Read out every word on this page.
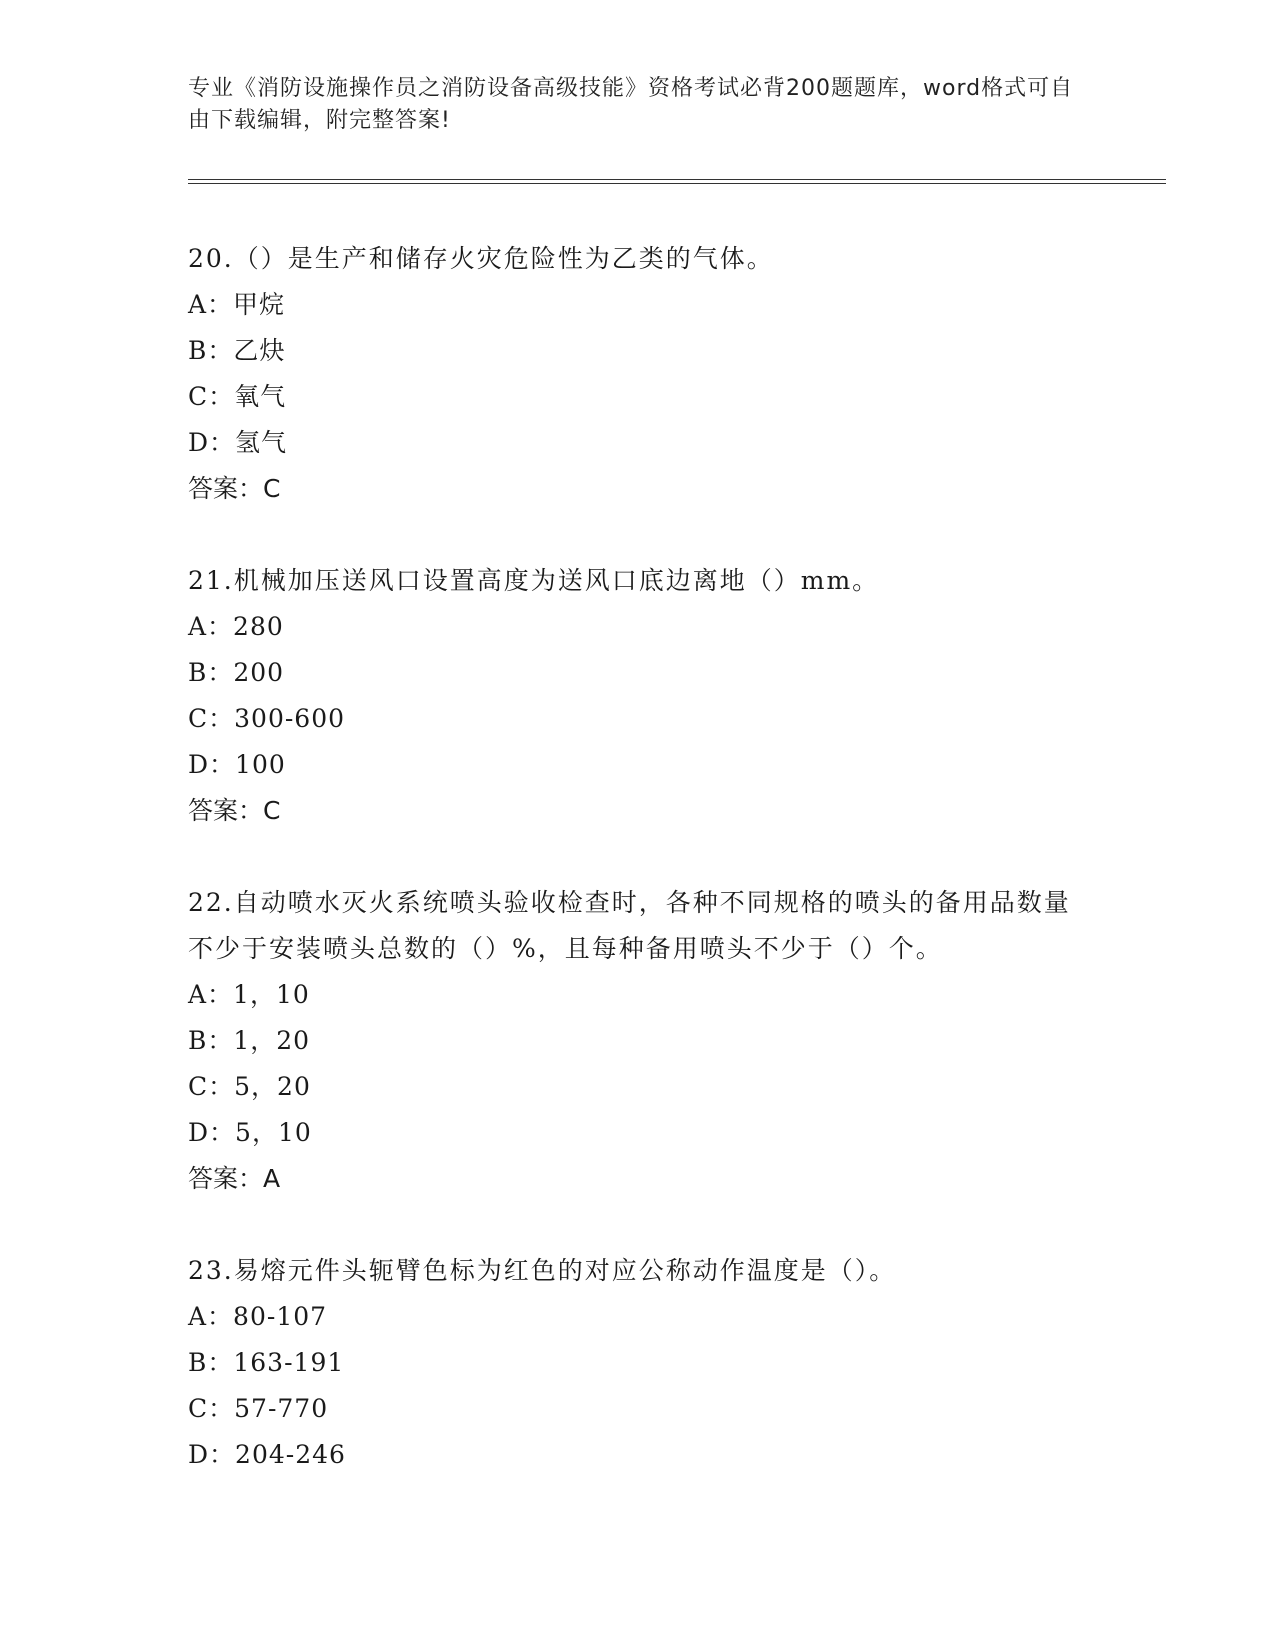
专业《消防设施操作员之消防设备高级技能》资格考试必背200题题库，word格式可自由下载编辑，附完整答案!

20.（）是生产和储存火灾危险性为乙类的气体。

A：甲烷

B：乙炔

C：氧气

D：氢气

答案：C

21.机械加压送风口设置高度为送风口底边离地（）mm。

A：280

B：200

C：300-600

D：100

答案：C

22.自动喷水灭火系统喷头验收检查时，各种不同规格的喷头的备用品数量不少于安装喷头总数的（）%，且每种备用喷头不少于（）个。

A：1，10

B：1，20

C：5，20

D：5，10

答案：A

23.易熔元件头轭臂色标为红色的对应公称动作温度是（）。

A：80-107

B：163-191

C：57-770

D：204-246
